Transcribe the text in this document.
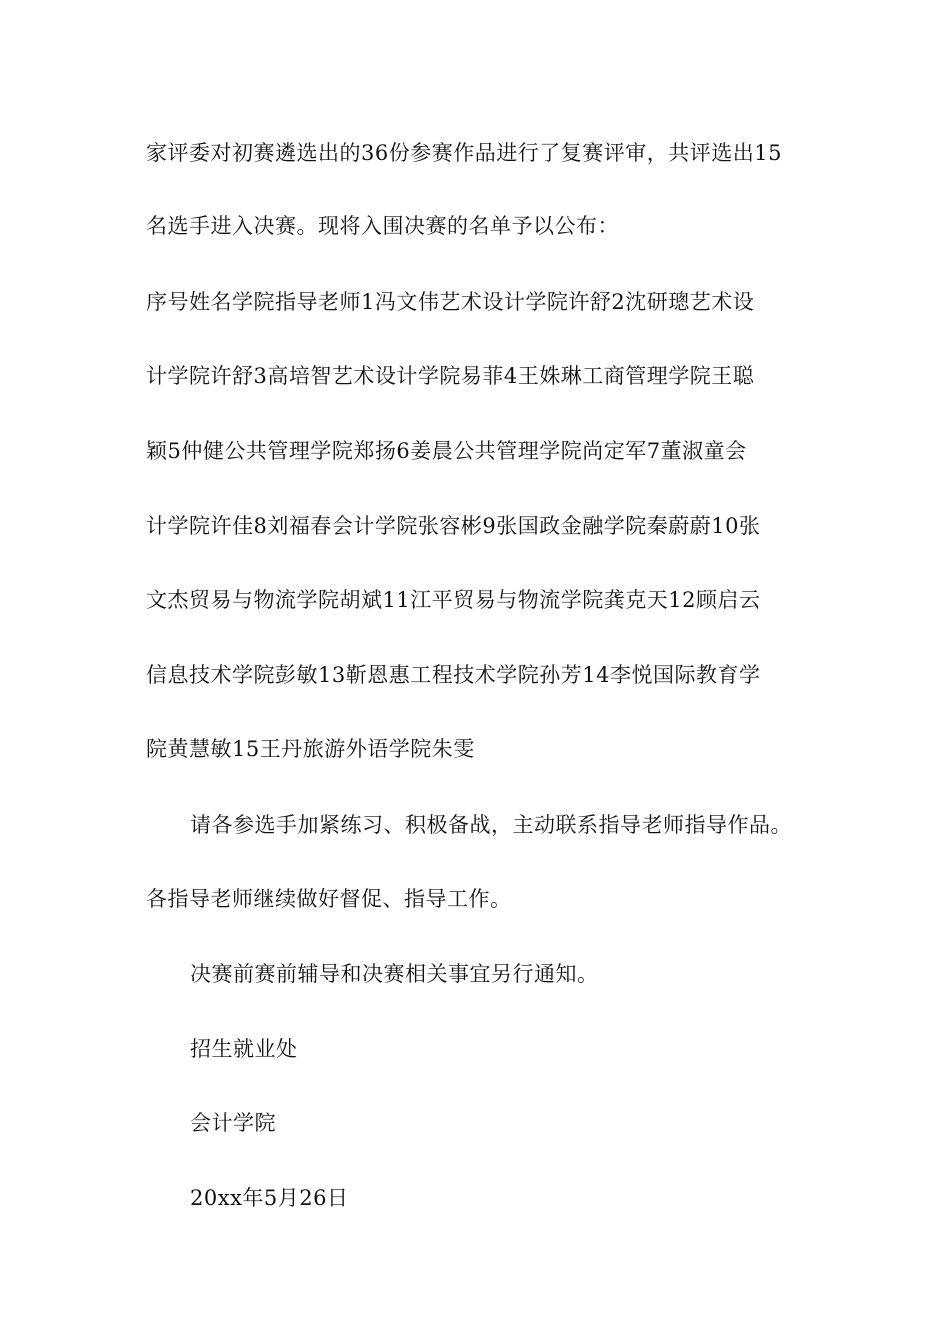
家评委对初赛遴选出的36份参赛作品进行了复赛评审，共评选出15
名选手进入决赛。现将入围决赛的名单予以公布：
序号姓名学院指导老师1冯文伟艺术设计学院许舒2沈研璁艺术设
计学院许舒3高培智艺术设计学院易菲4王姝琳工商管理学院王聪
颖5仲健公共管理学院郑扬6姜晨公共管理学院尚定军7董淑童会
计学院许佳8刘福春会计学院张容彬9张国政金融学院秦蔚蔚10张
文杰贸易与物流学院胡斌11江平贸易与物流学院龚克天12顾启云
信息技术学院彭敏13靳恩惠工程技术学院孙芳14李悦国际教育学
院黄慧敏15王丹旅游外语学院朱雯
请各参选手加紧练习、积极备战，主动联系指导老师指导作品。
各指导老师继续做好督促、指导工作。
决赛前赛前辅导和决赛相关事宜另行通知。
招生就业处
会计学院
20xx年5月26日
